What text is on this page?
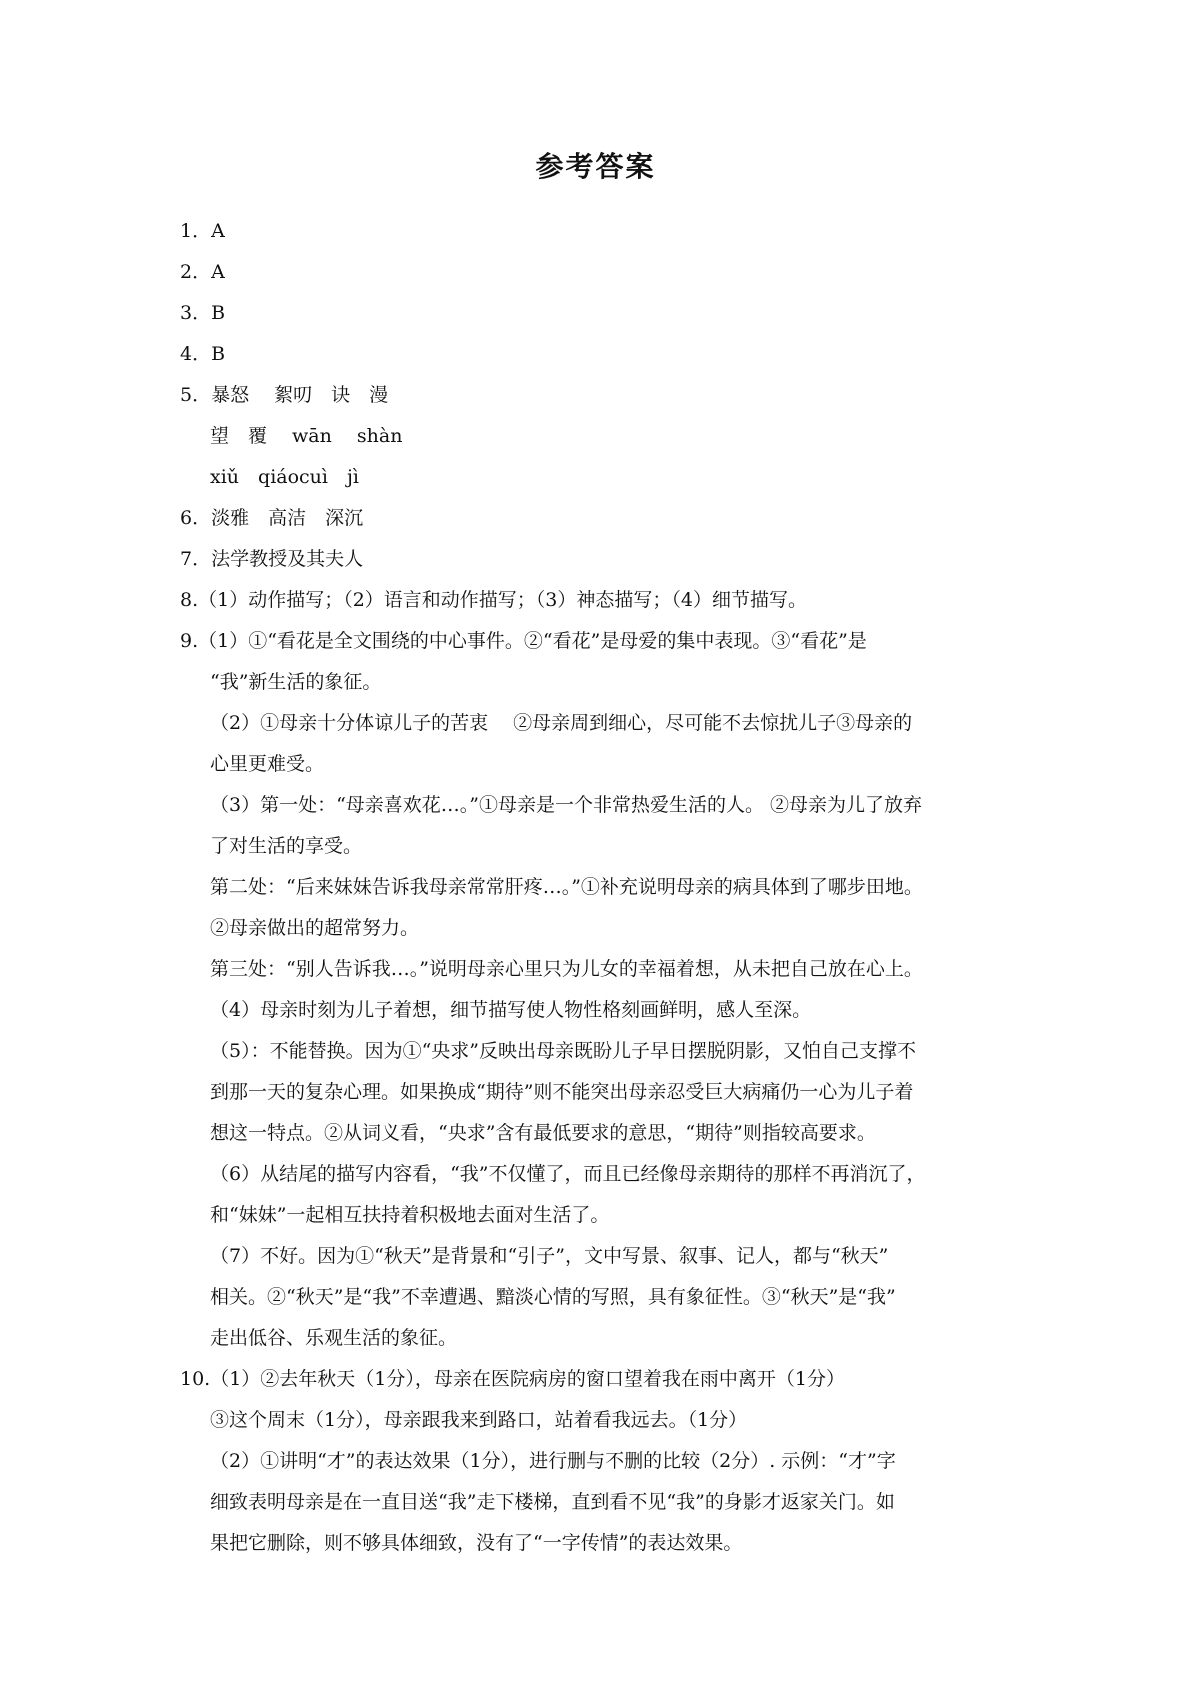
参考答案
1．A
2．A
3．B
4．B
5．暴怒　 絮叨　诀　漫
望　覆　 wān　 shàn
xiǔ　qiáocuì　jì
6．淡雅　高洁　深沉
7．法学教授及其夫人
8.（1）动作描写；（2）语言和动作描写；（3）神态描写；（4）细节描写。
9.（1）①“看花是全文围绕的中心事件。②“看花”是母爱的集中表现。③“看花”是
“我”新生活的象征。
（2）①母亲十分体谅儿子的苦衷　 ②母亲周到细心，尽可能不去惊扰儿子③母亲的
心里更难受。
（3）第一处：“母亲喜欢花…。”①母亲是一个非常热爱生活的人。 ②母亲为儿了放弃
了对生活的享受。
第二处：“后来妹妹告诉我母亲常常肝疼…。”①补充说明母亲的病具体到了哪步田地。
②母亲做出的超常努力。
第三处：“别人告诉我…。”说明母亲心里只为儿女的幸福着想，从未把自己放在心上。
（4）母亲时刻为儿子着想，细节描写使人物性格刻画鲜明，感人至深。
（5）：不能替换。因为①“央求”反映出母亲既盼儿子早日摆脱阴影，又怕自己支撑不
到那一天的复杂心理。如果换成“期待”则不能突出母亲忍受巨大病痛仍一心为儿子着
想这一特点。②从词义看，“央求”含有最低要求的意思，“期待”则指较高要求。
（6）从结尾的描写内容看，“我”不仅懂了，而且已经像母亲期待的那样不再消沉了，
和“妹妹”一起相互扶持着积极地去面对生活了。
（7）不好。因为①“秋天”是背景和“引子”，文中写景、叙事、记人，都与“秋天”
相关。②“秋天”是“我”不幸遭遇、黯淡心情的写照，具有象征性。③“秋天”是“我”
走出低谷、乐观生活的象征。
10.（1）②去年秋天（1分），母亲在医院病房的窗口望着我在雨中离开（1分）
③这个周末（1分），母亲跟我来到路口，站着看我远去。（1分）
（2）①讲明“才”的表达效果（1分），进行删与不删的比较（2分）. 示例：“才”字
细致表明母亲是在一直目送“我”走下楼梯，直到看不见“我”的身影才返家关门。如
果把它删除，则不够具体细致，没有了“一字传情”的表达效果。
